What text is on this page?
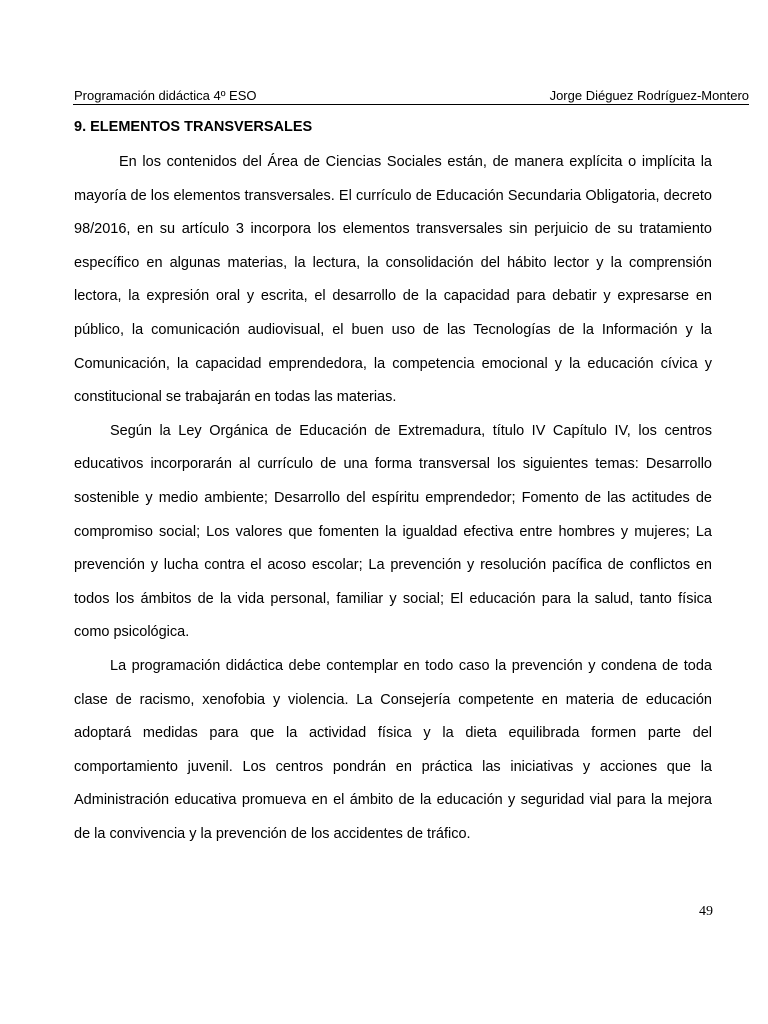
Programación didáctica 4º ESO	Jorge Diéguez Rodríguez-Montero
9. ELEMENTOS TRANSVERSALES

En los contenidos del Área de Ciencias Sociales están, de manera explícita o implícita la mayoría de los elementos transversales. El currículo de Educación Secundaria Obligatoria, decreto 98/2016, en su artículo 3 incorpora los elementos transversales sin perjuicio de su tratamiento específico en algunas materias, la lectura, la consolidación del hábito lector y la comprensión lectora, la expresión oral y escrita, el desarrollo de la capacidad para debatir y expresarse en público, la comunicación audiovisual, el buen uso de las Tecnologías de la Información y la Comunicación, la capacidad emprendedora, la competencia emocional y la educación cívica y constitucional se trabajarán en todas las materias.

Según la Ley Orgánica de Educación de Extremadura, título IV Capítulo IV, los centros educativos incorporarán al currículo de una forma transversal los siguientes temas: Desarrollo sostenible y medio ambiente; Desarrollo del espíritu emprendedor; Fomento de las actitudes de compromiso social; Los valores que fomenten la igualdad efectiva entre hombres y mujeres; La prevención y lucha contra el acoso escolar; La prevención y resolución pacífica de conflictos en todos los ámbitos de la vida personal, familiar y social; El educación para la salud, tanto física como psicológica.

La programación didáctica debe contemplar en todo caso la prevención y condena de toda clase de racismo, xenofobia y violencia. La Consejería competente en materia de educación adoptará medidas para que la actividad física y la dieta equilibrada formen parte del comportamiento juvenil. Los centros pondrán en práctica las iniciativas y acciones que la Administración educativa promueva en el ámbito de la educación y seguridad vial para la mejora de la convivencia y la prevención de los accidentes de tráfico.

49
